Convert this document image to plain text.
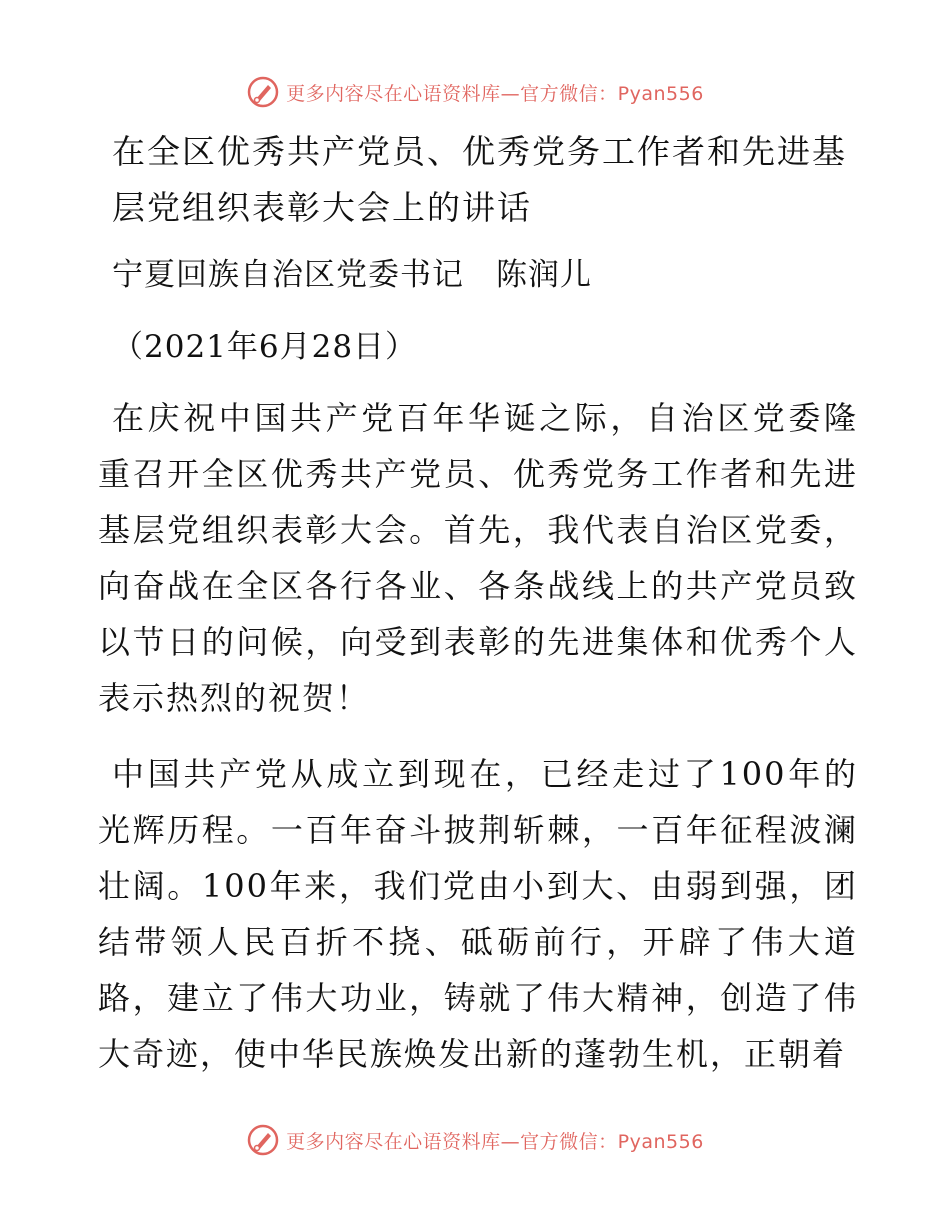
更多内容尽在心语资料库—官方微信：Pyan556
在全区优秀共产党员、优秀党务工作者和先进基层党组织表彰大会上的讲话

宁夏回族自治区党委书记　陈润儿

（2021年6月28日）

在庆祝中国共产党百年华诞之际，自治区党委隆重召开全区优秀共产党员、优秀党务工作者和先进基层党组织表彰大会。首先，我代表自治区党委，向奋战在全区各行各业、各条战线上的共产党员致以节日的问候，向受到表彰的先进集体和优秀个人表示热烈的祝贺！

中国共产党从成立到现在，已经走过了100年的光辉历程。一百年奋斗披荆斩棘，一百年征程波澜壮阔。100年来，我们党由小到大、由弱到强，团结带领人民百折不挠、砥砺前行，开辟了伟大道路，建立了伟大功业，铸就了伟大精神，创造了伟大奇迹，使中华民族焕发出新的蓬勃生机，正朝着

更多内容尽在心语资料库—官方微信：Pyan556
